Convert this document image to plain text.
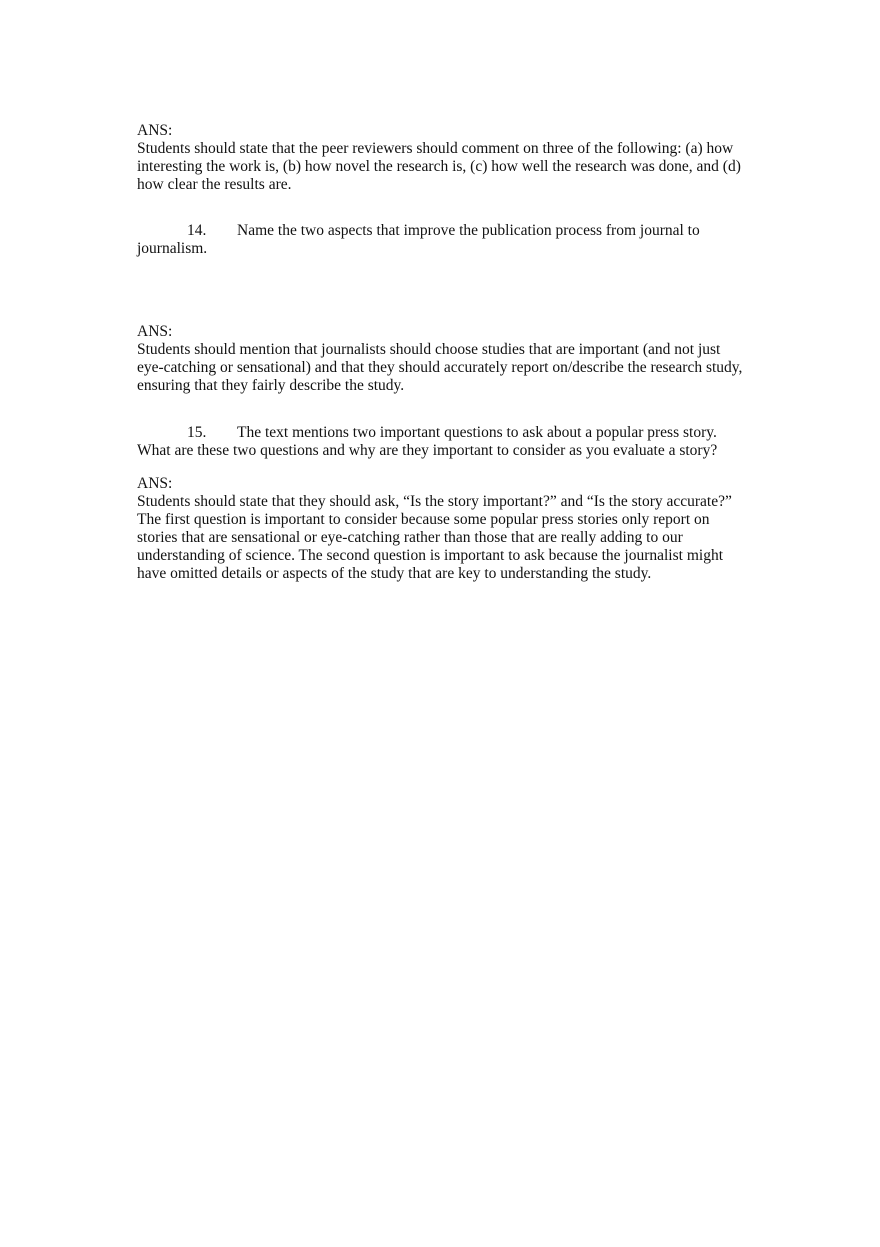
ANS:
Students should state that the peer reviewers should comment on three of the following: (a) how
interesting the work is, (b) how novel the research is, (c) how well the research was done, and (d)
how clear the results are.
14. Name the two aspects that improve the publication process from journal to
journalism.
ANS:
Students should mention that journalists should choose studies that are important (and not just
eye-catching or sensational) and that they should accurately report on/describe the research study,
ensuring that they fairly describe the study.
15. The text mentions two important questions to ask about a popular press story.
What are these two questions and why are they important to consider as you evaluate a story?
ANS:
Students should state that they should ask, “Is the story important?” and “Is the story accurate?”
The first question is important to consider because some popular press stories only report on
stories that are sensational or eye-catching rather than those that are really adding to our
understanding of science. The second question is important to ask because the journalist might
have omitted details or aspects of the study that are key to understanding the study.
